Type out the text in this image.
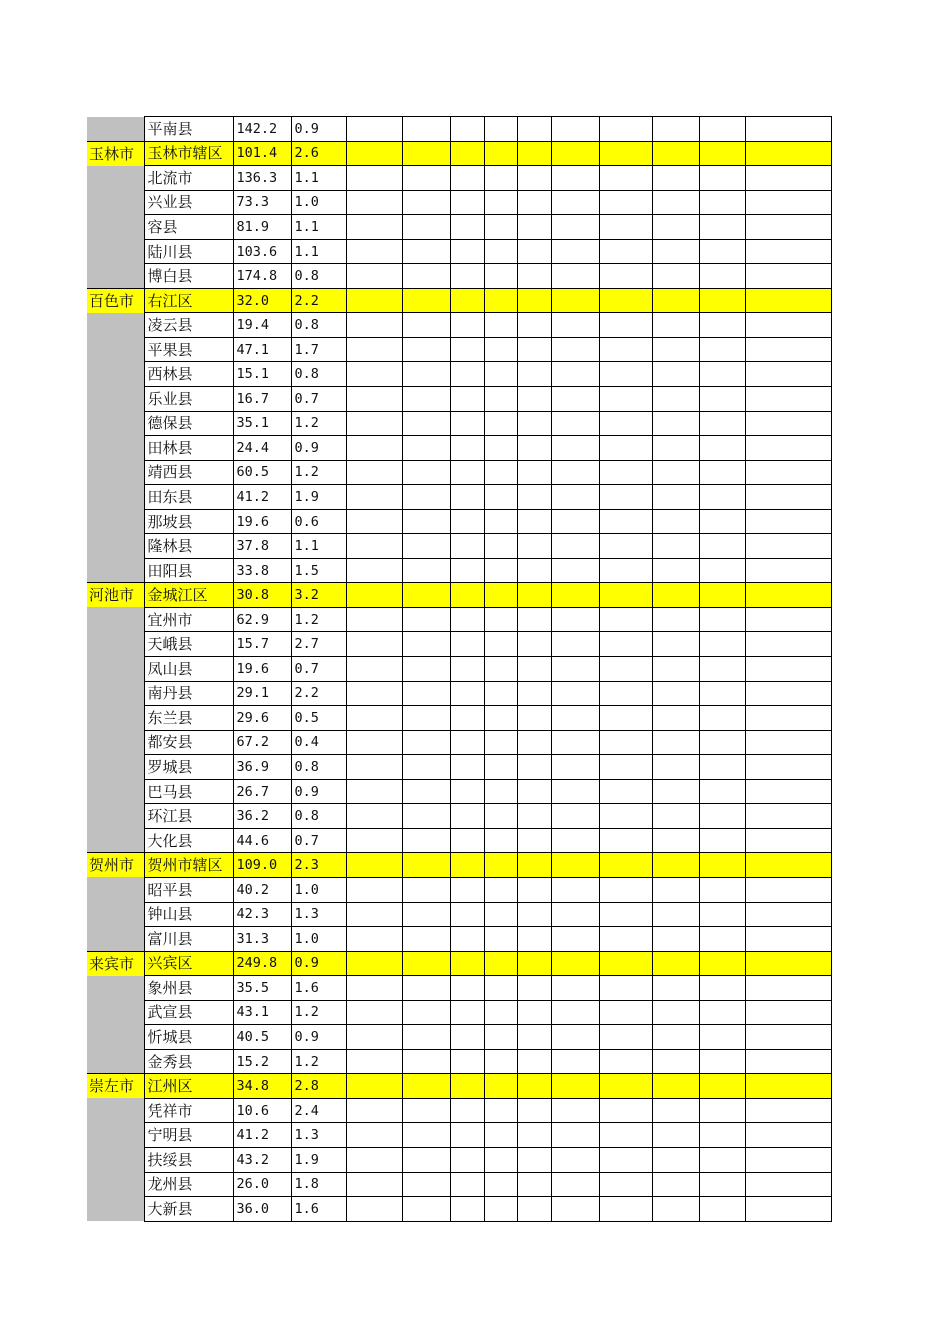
	平南县	142.2	0.9										
玉林市	玉林市辖区	101.4	2.6										
	北流市	136.3	1.1										
	兴业县	73.3	1.0										
	容县	81.9	1.1										
	陆川县	103.6	1.1										
	博白县	174.8	0.8										
百色市	右江区	32.0	2.2										
	凌云县	19.4	0.8										
	平果县	47.1	1.7										
	西林县	15.1	0.8										
	乐业县	16.7	0.7										
	德保县	35.1	1.2										
	田林县	24.4	0.9										
	靖西县	60.5	1.2										
	田东县	41.2	1.9										
	那坡县	19.6	0.6										
	隆林县	37.8	1.1										
	田阳县	33.8	1.5										
河池市	金城江区	30.8	3.2										
	宜州市	62.9	1.2										
	天峨县	15.7	2.7										
	凤山县	19.6	0.7										
	南丹县	29.1	2.2										
	东兰县	29.6	0.5										
	都安县	67.2	0.4										
	罗城县	36.9	0.8										
	巴马县	26.7	0.9										
	环江县	36.2	0.8										
	大化县	44.6	0.7										
贺州市	贺州市辖区	109.0	2.3										
	昭平县	40.2	1.0										
	钟山县	42.3	1.3										
	富川县	31.3	1.0										
来宾市	兴宾区	249.8	0.9										
	象州县	35.5	1.6										
	武宣县	43.1	1.2										
	忻城县	40.5	0.9										
	金秀县	15.2	1.2										
崇左市	江州区	34.8	2.8										
	凭祥市	10.6	2.4										
	宁明县	41.2	1.3										
	扶绥县	43.2	1.9										
	龙州县	26.0	1.8										
	大新县	36.0	1.6										
